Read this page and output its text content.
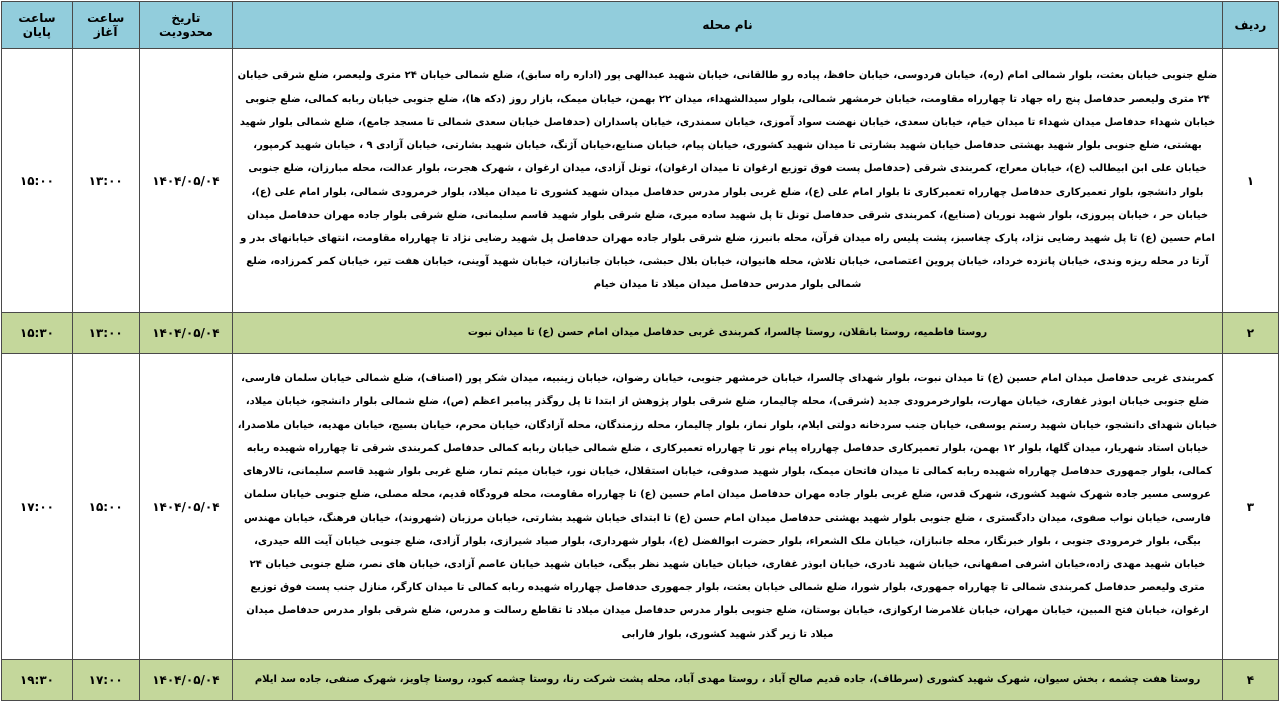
ردیف	نام محله	تاریخ محدودیت	ساعت آغاز	ساعت پایان
۱	ضلع جنوبی خیابان بعثت، بلوار شمالی امام (ره)، خیابان فردوسی، خیابان حافظ، پیاده رو طالقانی، خیابان شهید عبدالهی پور (اداره راه سابق)، ضلع شمالی خیابان ۲۴ متری ولیعصر، ضلع شرقی خیابان ۲۴ متری ولیعصر حدفاصل پنج راه جهاد تا چهارراه مقاومت، خیابان خرمشهر شمالی، بلوار سیدالشهداء، میدان ۲۲ بهمن، خیابان میمک، بازار روز (دکه ها)، ضلع جنوبی خیابان ربابه کمالی، ضلع جنوبی خیابان شهداء حدفاصل میدان شهداء تا میدان خیام، خیابان سعدی، خیابان نهضت سواد آموزی، خیابان سمندری، خیابان پاسداران (حدفاصل خیابان سعدی شمالی تا مسجد جامع)، ضلع شمالی بلوار شهید بهشتی، ضلع جنوبی بلوار شهید بهشتی حدفاصل خیابان شهید بشارتی تا میدان شهید کشوری، خیابان پیام، خیابان صنایع،خیابان آژنگ، خیابان شهید بشارتی، خیابان آزادی ۹ ، خیابان شهید کرمپور، خیابان علی ابن ابیطالب (ع)، خیابان معراج، کمربندی شرقی (حدفاصل پست فوق توزیع ارغوان تا میدان ارغوان)، تونل آزادی، میدان ارغوان ، شهرک هجرت، بلوار عدالت، محله مبارزان، ضلع جنوبی بلوار دانشجو، بلوار تعمیرکاری حدفاصل چهارراه تعمیرکاری تا بلوار امام علی (ع)، ضلع غربی بلوار مدرس حدفاصل میدان شهید کشوری تا میدان میلاد، بلوار خرمرودی شمالی، بلوار امام علی (ع)، خیابان حر ، خیابان پیروزی، بلوار شهید نوریان (صنایع)، کمربندی شرقی حدفاصل تونل تا پل شهید ساده میری، ضلع شرقی بلوار شهید قاسم سلیمانی، ضلع شرقی بلوار جاده مهران حدفاصل میدان امام حسین (ع) تا پل شهید رضایی نژاد، پارک چغاسبز، پشت پلیس راه میدان قرآن، محله بانبرز، ضلع شرقی بلوار جاده مهران حدفاصل پل شهید رضایی نژاد تا چهارراه مقاومت، انتهای خیابانهای بدر و آرتا در محله ریزه وندی، خیابان پانزده خرداد، خیابان پروین اعتصامی، خیابان تلاش، محله هانیوان، خیابان بلال حبشی، خیابان جانبازان، خیابان شهید آوینی، خیابان هفت تیر، خیابان کمر کمرزاده، ضلع شمالی بلوار مدرس حدفاصل میدان میلاد تا میدان خیام	۱۴۰۴/۰۵/۰۴	۱۳:۰۰	۱۵:۰۰
۲	روستا فاطمیه، روستا بانقلان، روستا چالسرا، کمربندی غربی حدفاصل میدان امام حسن (ع) تا میدان نبوت	۱۴۰۴/۰۵/۰۴	۱۳:۰۰	۱۵:۳۰
۳	کمربندی غربی حدفاصل میدان امام حسین (ع) تا میدان نبوت، بلوار شهدای چالسرا، خیابان خرمشهر جنوبی، خیابان رضوان، خیابان زینبیه، میدان شکر پور (اصناف)، ضلع شمالی خیابان سلمان فارسی، ضلع جنوبی خیابان ابوذر غفاری، خیابان مهارت، بلوارخرمرودی جدید (شرقی)، محله چالیمار، ضلع شرقی بلوار پژوهش از ابتدا تا پل روگذر پیامبر اعظم (ص)، ضلع شمالی بلوار دانشجو، خیابان میلاد، خیابان شهدای دانشجو، خیابان شهید رستم یوسفی، خیابان جنب سردخانه دولتی ایلام، بلوار نماز، بلوار چالیمار، محله رزمندگان، محله آزادگان، خیابان محرم، خیابان بسیج، خیابان مهدیه، خیابان ملاصدرا، خیابان استاد شهریار، میدان گلها، بلوار ۱۲ بهمن، بلوار تعمیرکاری حدفاصل چهارراه پیام نور تا چهارراه تعمیرکاری ، ضلع شمالی خیابان ربابه کمالی حدفاصل کمربندی شرقی تا چهارراه شهیده ربابه کمالی، بلوار جمهوری حدفاصل چهارراه شهیده ربابه کمالی تا میدان فاتحان میمک، بلوار شهید صدوقی، خیابان استقلال، خیابان نور، خیابان میثم تمار، ضلع غربی بلوار شهید قاسم سلیمانی، تالارهای عروسی مسیر جاده شهرک شهید کشوری، شهرک قدس، ضلع غربی بلوار جاده مهران حدفاصل میدان امام حسین (ع) تا چهارراه مقاومت، محله فرودگاه قدیم، محله مصلی، ضلع جنوبی خیابان سلمان فارسی، خیابان نواب صفوی، میدان دادگستری ، ضلع جنوبی بلوار شهید بهشتی حدفاصل میدان امام حسن (ع) تا ابتدای خیابان شهید بشارتی، خیابان مرزبان (شهروند)، خیابان فرهنگ، خیابان مهندس بیگی، بلوار خرمرودی جنوبی ، بلوار خبرنگار، محله جانبازان، خیابان ملک الشعراء، بلوار حضرت ابوالفضل (ع)، بلوار شهرداری، بلوار صیاد شیرازی، بلوار آزادی، ضلع جنوبی خیابان آیت الله حیدری، خیابان شهید مهدی زاده،خیابان اشرفی اصفهانی، خیابان شهید نادری، خیابان ابوذر غفاری، خیابان خیابان شهید نظر بیگی، خیابان شهید خیابان عاصم آزادی، خیابان های نصر، ضلع جنوبی خیابان ۲۴ متری ولیعصر حدفاصل کمربندی شمالی تا چهارراه جمهوری، بلوار شورا، ضلع شمالی خیابان بعثت، بلوار جمهوری حدفاصل چهارراه شهیده ربابه کمالی تا میدان کارگر، منازل جنب پست فوق توزیع ارغوان، خیابان فتح المبین، خیابان مهران، خیابان غلامرضا ارکوازی، خیابان بوستان، ضلع جنوبی بلوار مدرس حدفاصل میدان میلاد تا تقاطع رسالت و مدرس، ضلع شرقی بلوار مدرس حدفاصل میدان میلاد تا زیر گذر شهید کشوری، بلوار فارابی	۱۴۰۴/۰۵/۰۴	۱۵:۰۰	۱۷:۰۰
۴	روستا هفت چشمه ، بخش سیوان، شهرک شهید کشوری (سرطاف)، جاده قدیم صالح آباد ، روستا مهدی آباد، محله پشت شرکت رنا، روستا چشمه کبود، روستا چاویز، شهرک صنفی، جاده سد ایلام	۱۴۰۴/۰۵/۰۴	۱۷:۰۰	۱۹:۳۰
